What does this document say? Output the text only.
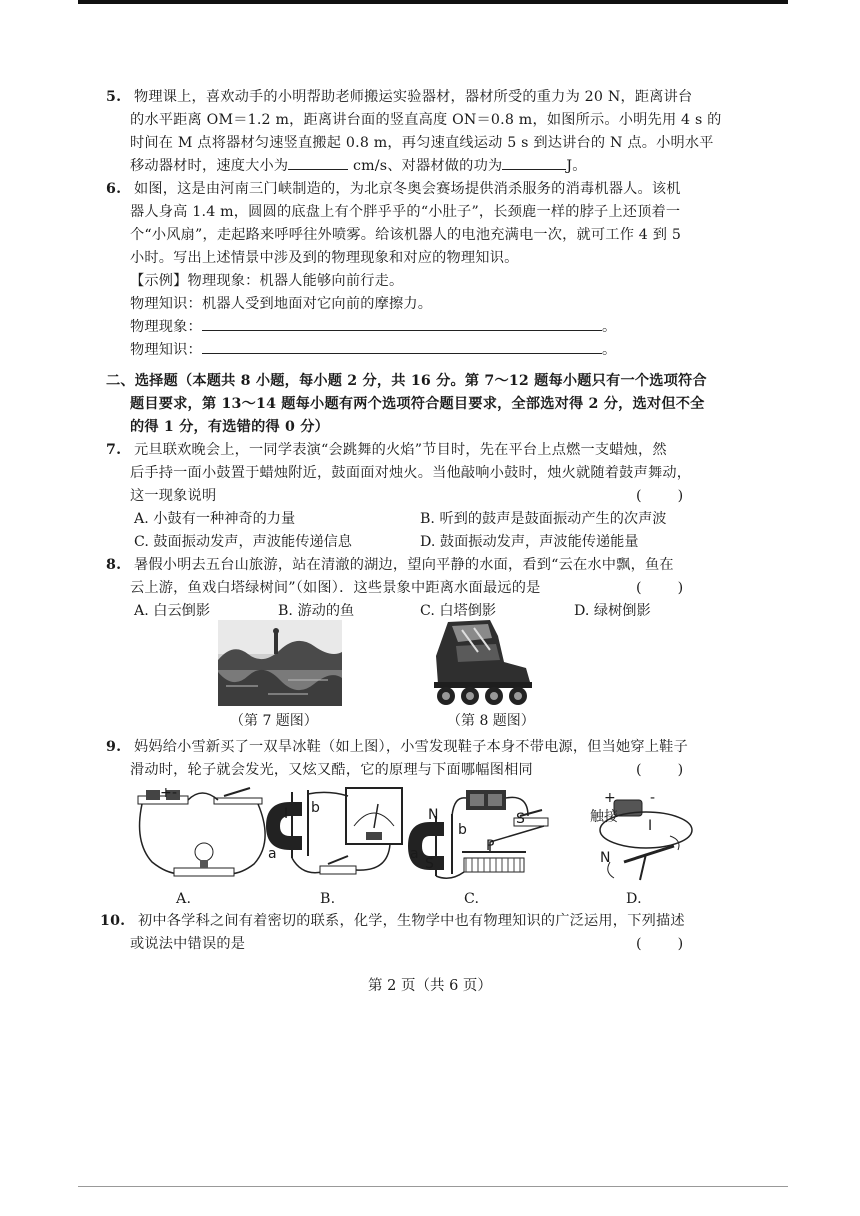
5. 物理课上，喜欢动手的小明帮助老师搬运实验器材，器材所受的重力为 20 N，距离讲台
的水平距离 OM＝1.2 m，距离讲台面的竖直高度 ON＝0.8 m，如图所示。小明先用 4 s 的
时间在 M 点将器材匀速竖直搬起 0.8 m，再匀速直线运动 5 s 到达讲台的 N 点。小明水平
移动器材时，速度大小为	cm/s、对器材做的功为	J。
6. 如图，这是由河南三门峡制造的，为北京冬奥会赛场提供消杀服务的消毒机器人。该机
器人身高 1.4 m，圆圆的底盘上有个胖乎乎的“小肚子”，长颈鹿一样的脖子上还顶着一
个“小风扇”，走起路来呼呼往外喷雾。给该机器人的电池充满电一次，就可工作 4 到 5
小时。写出上述情景中涉及到的物理现象和对应的物理知识。
【示例】物理现象：机器人能够向前行走。
物理知识：机器人受到地面对它向前的摩擦力。
物理现象：	。
物理知识：	。
二、选择题（本题共 8 小题，每小题 2 分，共 16 分。第 7～12 题每小题只有一个选项符合
题目要求，第 13～14 题每小题有两个选项符合题目要求，全部选对得 2 分，选对但不全
的得 1 分，有选错的得 0 分）
7. 元旦联欢晚会上，一同学表演“会跳舞的火焰”节目时，先在平台上点燃一支蜡烛，然
后手持一面小鼓置于蜡烛附近，鼓面面对烛火。当他敲响小鼓时，烛火就随着鼓声舞动，
这一现象说明	(        )
A. 小鼓有一种神奇的力量	B. 听到的鼓声是鼓面振动产生的次声波
C. 鼓面振动发声，声波能传递信息	D. 鼓面振动发声，声波能传递能量
8. 暑假小明去五台山旅游，站在清澈的湖边，望向平静的水面，看到“云在水中飘，鱼在
云上游，鱼戏白塔绿树间”（如图）．这些景象中距离水面最远的是	(        )
A. 白云倒影	B. 游动的鱼	C. 白塔倒影	D. 绿树倒影
（第 7 题图）	（第 8 题图）
9. 妈妈给小雪新买了一双旱冰鞋（如上图），小雪发现鞋子本身不带电源，但当她穿上鞋子
滑动时，轮子就会发光，又炫又酷，它的原理与下面哪幅图相同	(        )
-
+
I b
a
N
S
b
a
S
P
触接
+ -
I
N
A.	B.	C.	D.
10. 初中各学科之间有着密切的联系，化学，生物学中也有物理知识的广泛运用，下列描述
或说法中错误的是	(        )
第 2 页（共 6 页）
